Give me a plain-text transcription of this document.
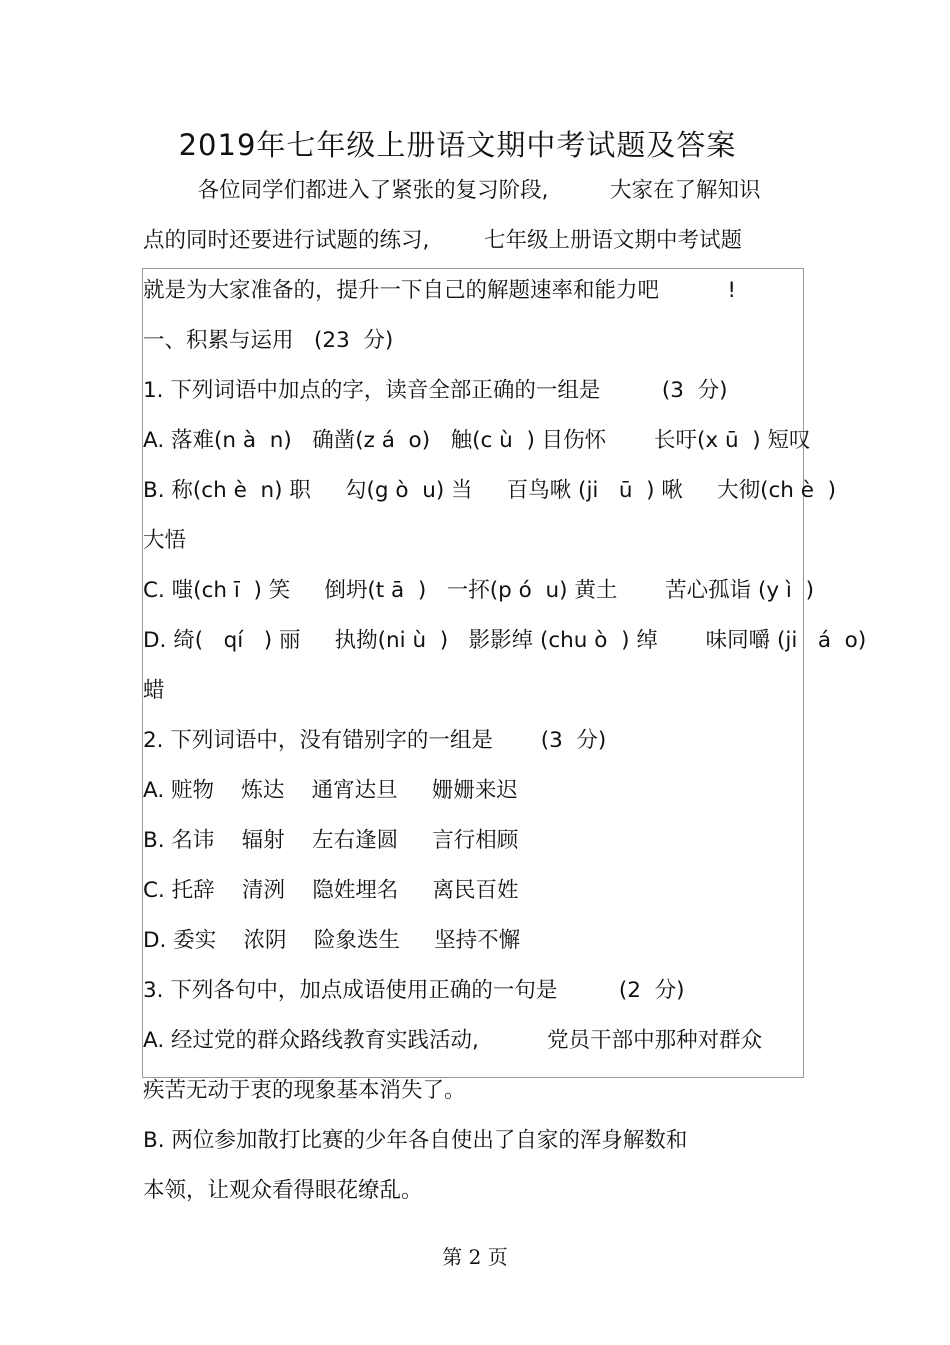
2019年七年级上册语文期中考试题及答案
各位同学们都进入了紧张的复习阶段,         大家在了解知识
点的同时还要进行试题的练习,        七年级上册语文期中考试题
就是为大家准备的，提升一下自己的解题速率和能力吧          !
一、积累与运用   (23  分)
1. 下列词语中加点的字，读音全部正确的一组是         (3  分)
A. 落难(n à  n)   确凿(z á  o)   触(c ù  ) 目伤怀       长吁(x ū  ) 短叹
B. 称(ch è  n) 职     勾(g ò  u) 当     百鸟啾 (ji   ū  ) 啾     大彻(ch è  )
大悟
C. 嗤(ch ī  ) 笑     倒坍(t ā  )   一抔(p ó  u) 黄土       苦心孤诣 (y ì  )
D. 绮(   qí   ) 丽     执拗(ni ù  )   影影绰 (chu ò  ) 绰       味同嚼 (ji   á  o)
蜡
2. 下列词语中，没有错别字的一组是       (3  分)
A. 赃物    炼达    通宵达旦     姗姗来迟
B. 名讳    辐射    左右逢圆     言行相顾
C. 托辞    清洌    隐姓埋名     离民百姓
D. 委实    浓阴    险象迭生     坚持不懈
3. 下列各句中，加点成语使用正确的一句是         (2  分)
A. 经过党的群众路线教育实践活动,          党员干部中那种对群众
疾苦无动于衷的现象基本消失了。
B. 两位参加散打比赛的少年各自使出了自家的浑身解数和
本领，让观众看得眼花缭乱。
第 2 页
